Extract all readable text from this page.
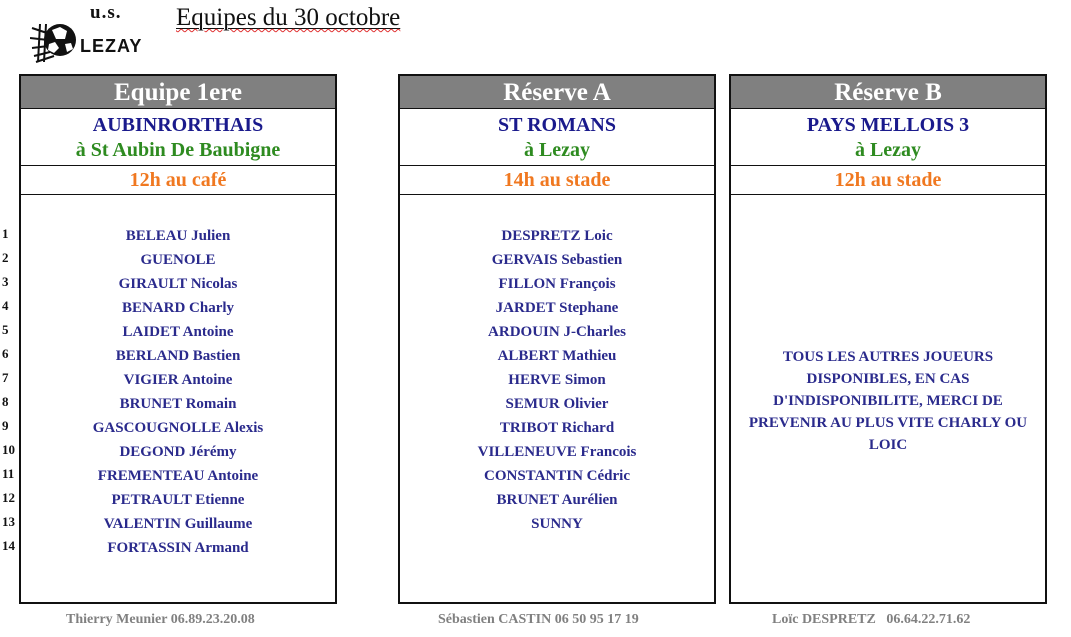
u.s.
LEZAY
Equipes du 30 octobre
1
2
3
4
5
6
7
8
9
10
11
12
13
14
Equipe 1ere
AUBINRORTHAIS
à St Aubin De Baubigne
12h au café
BELEAU Julien
GUENOLE
GIRAULT Nicolas
BENARD Charly
LAIDET Antoine
BERLAND Bastien
VIGIER Antoine
BRUNET Romain
GASCOUGNOLLE Alexis
DEGOND Jérémy
FREMENTEAU Antoine
PETRAULT Etienne
VALENTIN Guillaume
FORTASSIN Armand
Réserve A
ST ROMANS
à Lezay
14h au stade
DESPRETZ Loic
GERVAIS Sebastien
FILLON François
JARDET Stephane
ARDOUIN J-Charles
ALBERT Mathieu
HERVE Simon
SEMUR Olivier
TRIBOT Richard
VILLENEUVE Francois
CONSTANTIN Cédric
BRUNET Aurélien
SUNNY
Réserve B
PAYS MELLOIS 3
à Lezay
12h au stade
TOUS LES AUTRES JOUEURS DISPONIBLES, EN CAS D'INDISPONIBILITE, MERCI DE PREVENIR AU PLUS VITE CHARLY OU LOIC
Thierry Meunier 06.89.23.20.08	Sébastien CASTIN 06 50 95 17 19	Loïc DESPRETZ   06.64.22.71.62
